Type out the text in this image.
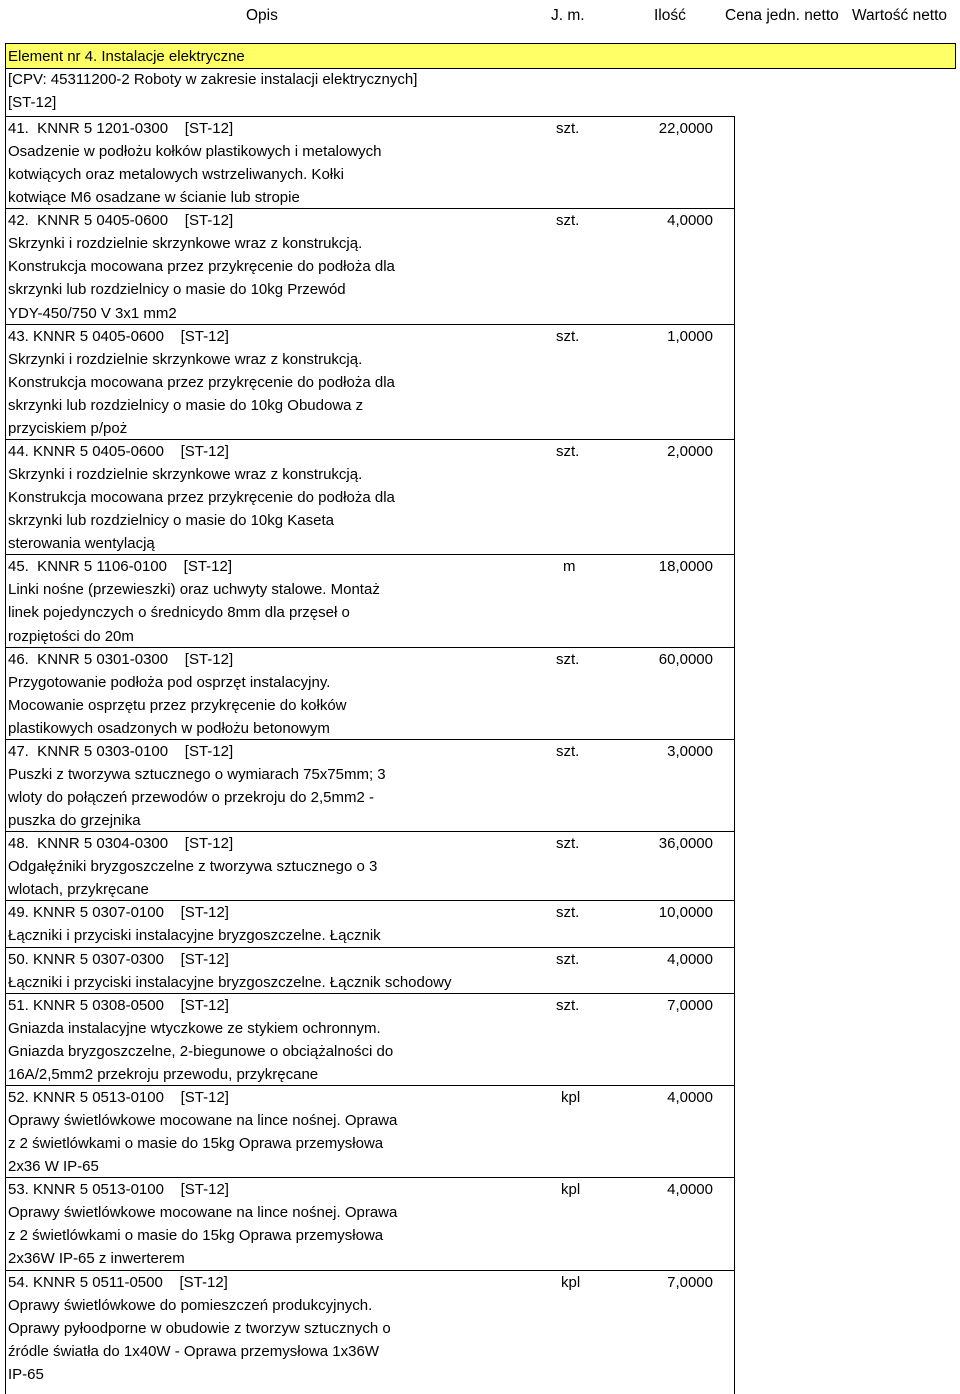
Opis	J. m.	Ilość	Cena jedn. netto Wartość netto
Element nr 4. Instalacje elektryczne
[CPV: 45311200-2 Roboty w zakresie instalacji elektrycznych]
[ST-12]
41.  KNNR 5 1201-0300    [ST-12]	szt.	22,0000
Osadzenie w podłożu kołków plastikowych i metalowych
kotwiących oraz metalowych wstrzeliwanych. Kołki
kotwiące M6 osadzane w ścianie lub stropie
42.  KNNR 5 0405-0600    [ST-12]	szt.	4,0000
Skrzynki i rozdzielnie skrzynkowe wraz z konstrukcją.
Konstrukcja mocowana przez przykręcenie do podłoża dla
skrzynki lub rozdzielnicy o masie do 10kg Przewód
YDY-450/750 V 3x1 mm2
43. KNNR 5 0405-0600    [ST-12]	szt.	1,0000
Skrzynki i rozdzielnie skrzynkowe wraz z konstrukcją.
Konstrukcja mocowana przez przykręcenie do podłoża dla
skrzynki lub rozdzielnicy o masie do 10kg Obudowa z
przyciskiem p/poż
44. KNNR 5 0405-0600    [ST-12]	szt.	2,0000
Skrzynki i rozdzielnie skrzynkowe wraz z konstrukcją.
Konstrukcja mocowana przez przykręcenie do podłoża dla
skrzynki lub rozdzielnicy o masie do 10kg Kaseta
sterowania wentylacją
45.  KNNR 5 1106-0100    [ST-12]	m	18,0000
Linki nośne (przewieszki) oraz uchwyty stalowe. Montaż
linek pojedynczych o średnicydo 8mm dla przęseł o
rozpiętości do 20m
46.  KNNR 5 0301-0300    [ST-12]	szt.	60,0000
Przygotowanie podłoża pod osprzęt instalacyjny.
Mocowanie osprzętu przez przykręcenie do kołków
plastikowych osadzonych w podłożu betonowym
47.  KNNR 5 0303-0100    [ST-12]	szt.	3,0000
Puszki z tworzywa sztucznego o wymiarach 75x75mm; 3
wloty do połączeń przewodów o przekroju do 2,5mm2 -
puszka do grzejnika
48.  KNNR 5 0304-0300    [ST-12]	szt.	36,0000
Odgałęźniki bryzgoszczelne z tworzywa sztucznego o 3
wlotach, przykręcane
49. KNNR 5 0307-0100    [ST-12]	szt.	10,0000
Łączniki i przyciski instalacyjne bryzgoszczelne. Łącznik
50. KNNR 5 0307-0300    [ST-12]	szt.	4,0000
Łączniki i przyciski instalacyjne bryzgoszczelne. Łącznik schodowy
51. KNNR 5 0308-0500    [ST-12]	szt.	7,0000
Gniazda instalacyjne wtyczkowe ze stykiem ochronnym.
Gniazda bryzgoszczelne, 2-biegunowe o obciążalności do
16A/2,5mm2 przekroju przewodu, przykręcane
52. KNNR 5 0513-0100    [ST-12]	kpl	4,0000
Oprawy świetlówkowe mocowane na lince nośnej. Oprawa
z 2 świetlówkami o masie do 15kg Oprawa przemysłowa
2x36 W IP-65
53. KNNR 5 0513-0100    [ST-12]	kpl	4,0000
Oprawy świetlówkowe mocowane na lince nośnej. Oprawa
z 2 świetlówkami o masie do 15kg Oprawa przemysłowa
2x36W IP-65 z inwerterem
54. KNNR 5 0511-0500    [ST-12]	kpl	7,0000
Oprawy świetlówkowe do pomieszczeń produkcyjnych.
Oprawy pyłoodporne w obudowie z tworzyw sztucznych o
źródle światła do 1x40W - Oprawa przemysłowa 1x36W
IP-65
